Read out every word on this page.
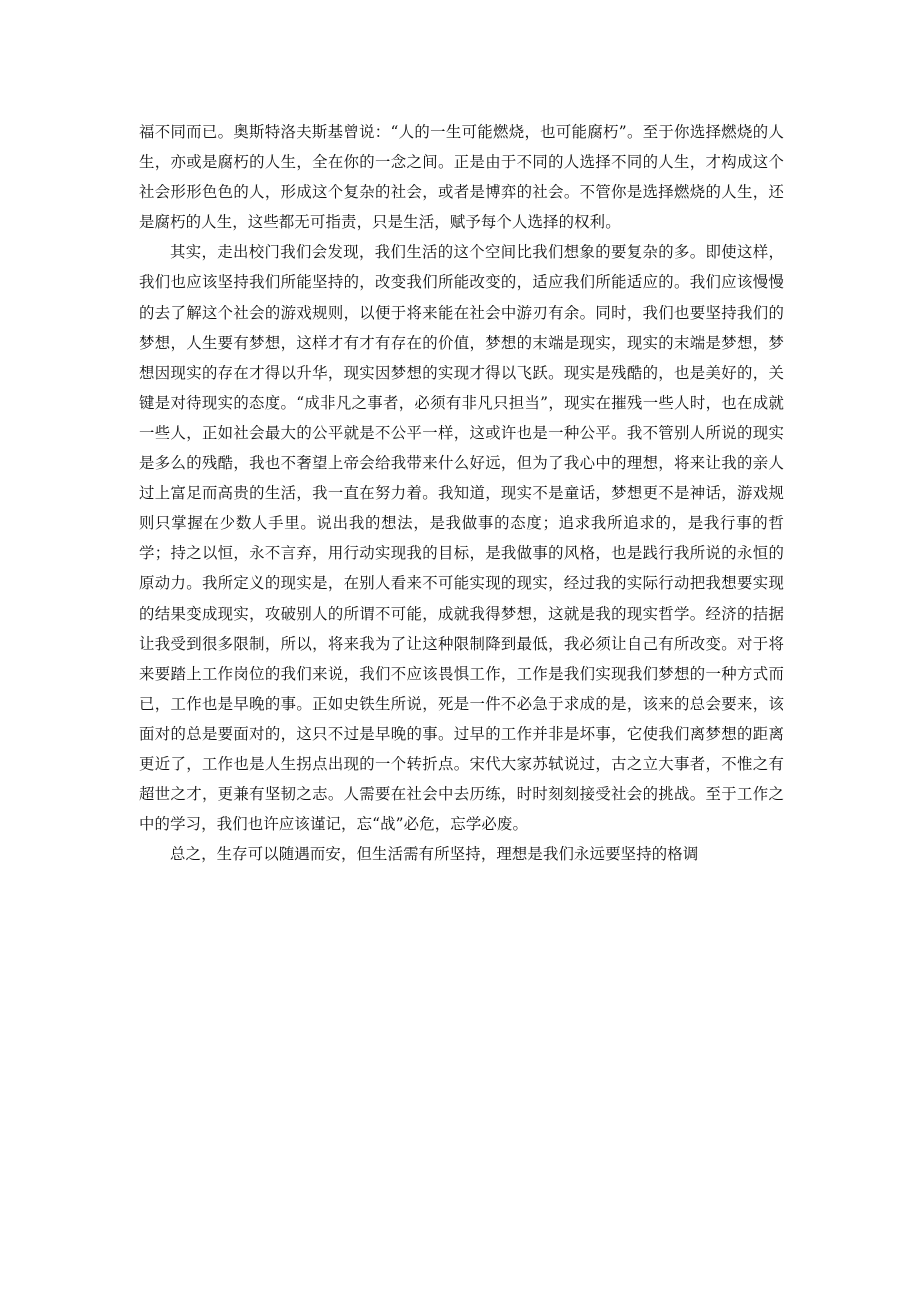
福不同而已。奥斯特洛夫斯基曾说：“人的一生可能燃烧，也可能腐朽”。至于你选择燃烧的人生，亦或是腐朽的人生，全在你的一念之间。正是由于不同的人选择不同的人生，才构成这个社会形形色色的人，形成这个复杂的社会，或者是博弈的社会。不管你是选择燃烧的人生，还是腐朽的人生，这些都无可指责，只是生活，赋予每个人选择的权利。

其实，走出校门我们会发现，我们生活的这个空间比我们想象的要复杂的多。即使这样，我们也应该坚持我们所能坚持的，改变我们所能改变的，适应我们所能适应的。我们应该慢慢的去了解这个社会的游戏规则，以便于将来能在社会中游刃有余。同时，我们也要坚持我们的梦想，人生要有梦想，这样才有才有存在的价值，梦想的末端是现实，现实的末端是梦想，梦想因现实的存在才得以升华，现实因梦想的实现才得以飞跃。现实是残酷的，也是美好的，关键是对待现实的态度。“成非凡之事者，必须有非凡只担当”，现实在摧残一些人时，也在成就一些人，正如社会最大的公平就是不公平一样，这或许也是一种公平。我不管别人所说的现实是多么的残酷，我也不奢望上帝会给我带来什么好远，但为了我心中的理想，将来让我的亲人过上富足而高贵的生活，我一直在努力着。我知道，现实不是童话，梦想更不是神话，游戏规则只掌握在少数人手里。说出我的想法，是我做事的态度；追求我所追求的，是我行事的哲学；持之以恒，永不言弃，用行动实现我的目标，是我做事的风格，也是践行我所说的永恒的原动力。我所定义的现实是，在别人看来不可能实现的现实，经过我的实际行动把我想要实现的结果变成现实，攻破别人的所谓不可能，成就我得梦想，这就是我的现实哲学。经济的拮据让我受到很多限制，所以，将来我为了让这种限制降到最低，我必须让自己有所改变。对于将来要踏上工作岗位的我们来说，我们不应该畏惧工作，工作是我们实现我们梦想的一种方式而已，工作也是早晚的事。正如史铁生所说，死是一件不必急于求成的是，该来的总会要来，该面对的总是要面对的，这只不过是早晚的事。过早的工作并非是坏事，它使我们离梦想的距离更近了，工作也是人生拐点出现的一个转折点。宋代大家苏轼说过，古之立大事者，不惟之有超世之才，更兼有坚韧之志。人需要在社会中去历练，时时刻刻接受社会的挑战。至于工作之中的学习，我们也许应该谨记，忘“战”必危，忘学必废。

总之，生存可以随遇而安，但生活需有所坚持，理想是我们永远要坚持的格调
